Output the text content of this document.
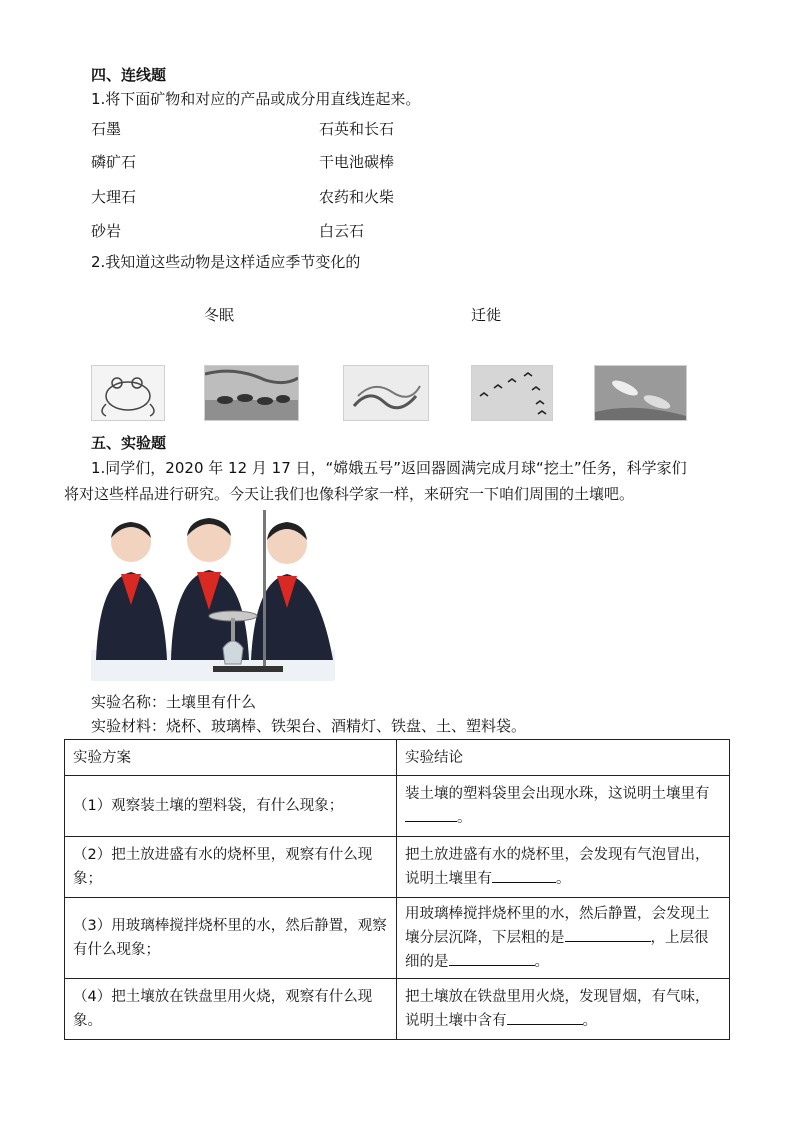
四、连线题
1.将下面矿物和对应的产品或成分用直线连起来。
石墨
磷矿石
大理石
砂岩
石英和长石
干电池碳棒
农药和火柴
白云石
2.我知道这些动物是这样适应季节变化的
冬眠	迁徙
五、实验题
1.同学们，2020 年 12 月 17 日，“嫦娥五号”返回器圆满完成月球“挖土”任务，科学家们
将对这些样品进行研究。今天让我们也像科学家一样，来研究一下咱们周围的土壤吧。
实验名称：土壤里有什么
实验材料：烧杯、玻璃棒、铁架台、酒精灯、铁盘、土、塑料袋。
实验方案	实验结论
（1）观察装土壤的塑料袋，有什么现象；	装土壤的塑料袋里会出现水珠，这说明土壤里有。
（2）把土放进盛有水的烧杯里，观察有什么现象；	把土放进盛有水的烧杯里，会发现有气泡冒出，说明土壤里有 。
（3）用玻璃棒搅拌烧杯里的水，然后静置，观察有什么现象；	用玻璃棒搅拌烧杯里的水，然后静置，会发现土壤分层沉降，下层粗的是 ，上层很细的是 。
（4）把土壤放在铁盘里用火烧，观察有什么现象。	把土壤放在铁盘里用火烧，发现冒烟，有气味，说明土壤中含有 。
